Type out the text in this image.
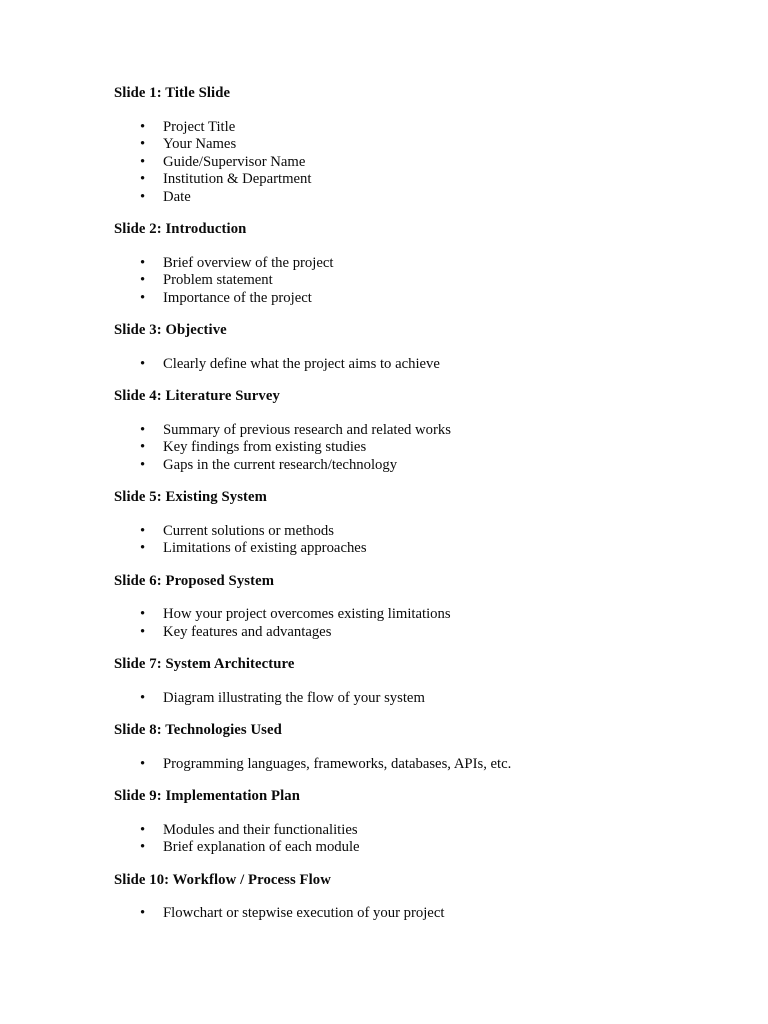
Slide 1: Title Slide
• Project Title
• Your Names
• Guide/Supervisor Name
• Institution & Department
• Date
Slide 2: Introduction
• Brief overview of the project
• Problem statement
• Importance of the project
Slide 3: Objective
• Clearly define what the project aims to achieve
Slide 4: Literature Survey
• Summary of previous research and related works
• Key findings from existing studies
• Gaps in the current research/technology
Slide 5: Existing System
• Current solutions or methods
• Limitations of existing approaches
Slide 6: Proposed System
• How your project overcomes existing limitations
• Key features and advantages
Slide 7: System Architecture
• Diagram illustrating the flow of your system
Slide 8: Technologies Used
• Programming languages, frameworks, databases, APIs, etc.
Slide 9: Implementation Plan
• Modules and their functionalities
• Brief explanation of each module
Slide 10: Workflow / Process Flow
• Flowchart or stepwise execution of your project
